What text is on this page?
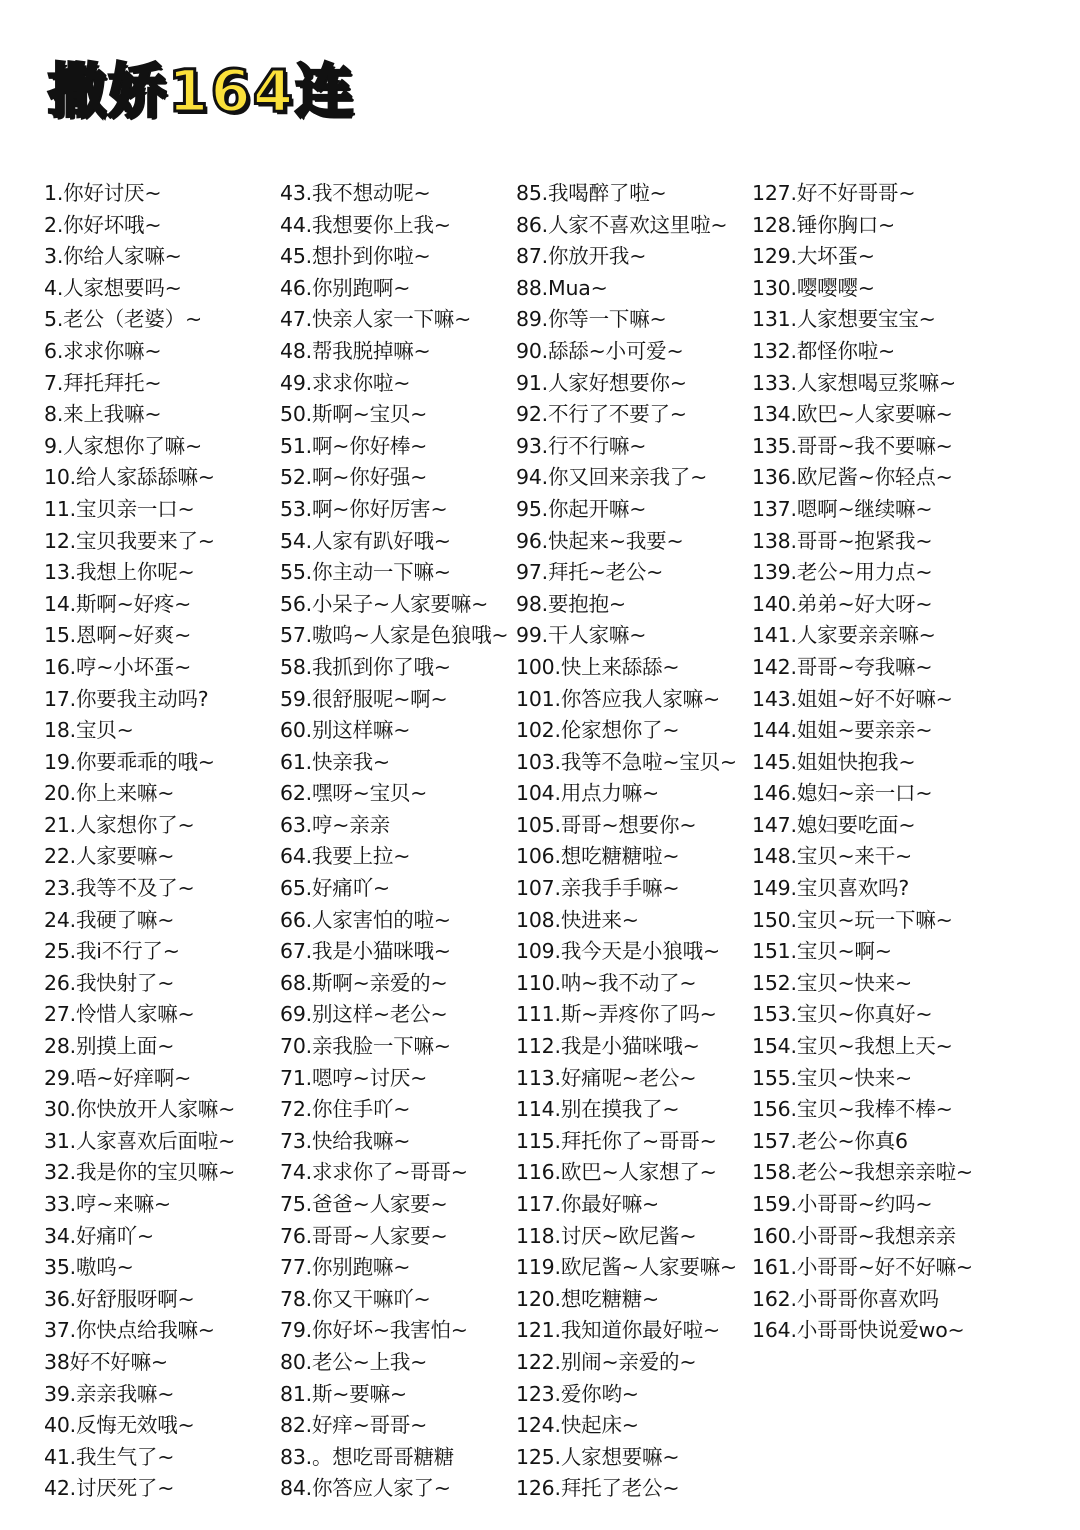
撒娇164连
1.你好讨厌~
2.你好坏哦~
3.你给人家嘛~
4.人家想要吗~
5.老公（老婆）~
6.求求你嘛~
7.拜托拜托~
8.来上我嘛~
9.人家想你了嘛~
10.给人家舔舔嘛~
11.宝贝亲一口~
12.宝贝我要来了~
13.我想上你呢~
14.斯啊~好疼~
15.恩啊~好爽~
16.哼~小坏蛋~
17.你要我主动吗?
18.宝贝~
19.你要乖乖的哦~
20.你上来嘛~
21.人家想你了~
22.人家要嘛~
23.我等不及了~
24.我硬了嘛~
25.我i不行了~
26.我快射了~
27.怜惜人家嘛~
28.别摸上面~
29.唔~好痒啊~
30.你快放开人家嘛~
31.人家喜欢后面啦~
32.我是你的宝贝嘛~
33.哼~来嘛~
34.好痛吖~
35.嗷呜~
36.好舒服呀啊~
37.你快点给我嘛~
38好不好嘛~
39.亲亲我嘛~
40.反悔无效哦~
41.我生气了~
42.讨厌死了~
43.我不想动呢~
44.我想要你上我~
45.想扑到你啦~
46.你别跑啊~
47.快亲人家一下嘛~
48.帮我脱掉嘛~
49.求求你啦~
50.斯啊~宝贝~
51.啊~你好棒~
52.啊~你好强~
53.啊~你好厉害~
54.人家有趴好哦~
55.你主动一下嘛~
56.小呆子~人家要嘛~
57.嗷呜~人家是色狼哦~
58.我抓到你了哦~
59.很舒服呢~啊~
60.别这样嘛~
61.快亲我~
62.嘿呀~宝贝~
63.哼~亲亲
64.我要上拉~
65.好痛吖~
66.人家害怕的啦~
67.我是小猫咪哦~
68.斯啊~亲爱的~
69.别这样~老公~
70.亲我脸一下嘛~
71.嗯哼~讨厌~
72.你住手吖~
73.快给我嘛~
74.求求你了~哥哥~
75.爸爸~人家要~
76.哥哥~人家要~
77.你别跑嘛~
78.你又干嘛吖~
79.你好坏~我害怕~
80.老公~上我~
81.斯~要嘛~
82.好痒~哥哥~
83.。想吃哥哥糖糖
84.你答应人家了~
85.我喝醉了啦~
86.人家不喜欢这里啦~
87.你放开我~
88.Mua~
89.你等一下嘛~
90.舔舔~小可爱~
91.人家好想要你~
92.不行了不要了~
93.行不行嘛~
94.你又回来亲我了~
95.你起开嘛~
96.快起来~我要~
97.拜托~老公~
98.要抱抱~
99.干人家嘛~
100.快上来舔舔~
101.你答应我人家嘛~
102.伦家想你了~
103.我等不急啦~宝贝~
104.用点力嘛~
105.哥哥~想要你~
106.想吃糖糖啦~
107.亲我手手嘛~
108.快进来~
109.我今天是小狼哦~
110.呐~我不动了~
111.斯~弄疼你了吗~
112.我是小猫咪哦~
113.好痛呢~老公~
114.别在摸我了~
115.拜托你了~哥哥~
116.欧巴~人家想了~
117.你最好嘛~
118.讨厌~欧尼酱~
119.欧尼酱~人家要嘛~
120.想吃糖糖~
121.我知道你最好啦~
122.别闹~亲爱的~
123.爱你哟~
124.快起床~
125.人家想要嘛~
126.拜托了老公~
127.好不好哥哥~
128.锤你胸口~
129.大坏蛋~
130.嘤嘤嘤~
131.人家想要宝宝~
132.都怪你啦~
133.人家想喝豆浆嘛~
134.欧巴~人家要嘛~
135.哥哥~我不要嘛~
136.欧尼酱~你轻点~
137.嗯啊~继续嘛~
138.哥哥~抱紧我~
139.老公~用力点~
140.弟弟~好大呀~
141.人家要亲亲嘛~
142.哥哥~夸我嘛~
143.姐姐~好不好嘛~
144.姐姐~要亲亲~
145.姐姐快抱我~
146.媳妇~亲一口~
147.媳妇要吃面~
148.宝贝~来干~
149.宝贝喜欢吗?
150.宝贝~玩一下嘛~
151.宝贝~啊~
152.宝贝~快来~
153.宝贝~你真好~
154.宝贝~我想上天~
155.宝贝~快来~
156.宝贝~我棒不棒~
157.老公~你真6
158.老公~我想亲亲啦~
159.小哥哥~约吗~
160.小哥哥~我想亲亲
161.小哥哥~好不好嘛~
162.小哥哥你喜欢吗
164.小哥哥快说爱wo~
